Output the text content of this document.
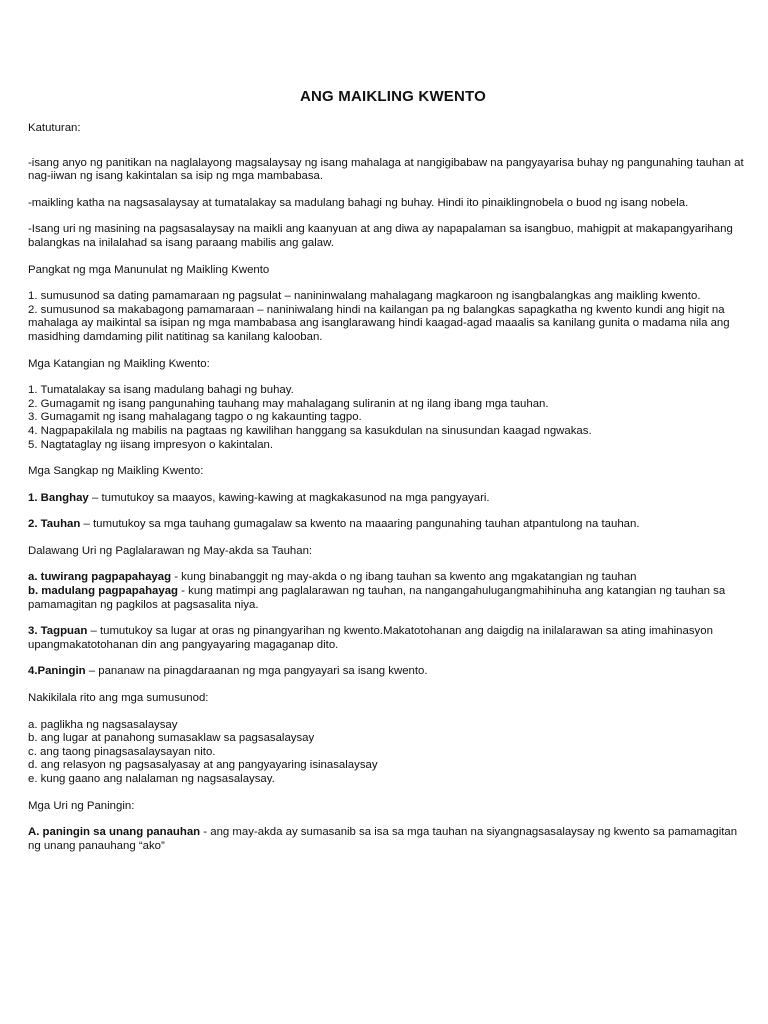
ANG MAIKLING KWENTO

Katuturan:

-isang anyo ng panitikan na naglalayong magsalaysay ng isang mahalaga at nangigibabaw na pangyayarisa buhay ng pangunahing tauhan at nag-iiwan ng isang kakintalan sa isip ng mga mambabasa.

-maikling katha na nagsasalaysay at tumatalakay sa madulang bahagi ng buhay. Hindi ito pinaiklingnobela o buod ng isang nobela.

-Isang uri ng masining na pagsasalaysay na maikli ang kaanyuan at ang diwa ay napapalaman sa isangbuo, mahigpit at makapangyarihang balangkas na inilalahad sa isang paraang mabilis ang galaw.

Pangkat ng mga Manunulat ng Maikling Kwento

1. sumusunod sa dating pamamaraan ng pagsulat – nanininwalang mahalagang magkaroon ng isangbalangkas ang maikling kwento.

2. sumusunod sa makabagong pamamaraan – naniniwalang hindi na kailangan pa ng balangkas sapagkatha ng kwento kundi ang higit na mahalaga ay maikintal sa isipan ng mga mambabasa ang isanglarawang hindi kaagad-agad maaalis sa kanilang gunita o madama nila ang masidhing damdaming pilit natitinag sa kanilang kalooban.

Mga Katangian ng Maikling Kwento:

1. Tumatalakay sa isang madulang bahagi ng buhay.

2. Gumagamit ng isang pangunahing tauhang may mahalagang suliranin at ng ilang ibang mga tauhan.

3. Gumagamit ng isang mahalagang tagpo o ng kakaunting tagpo.

4. Nagpapakilala ng mabilis na pagtaas ng kawilihan hanggang sa kasukdulan na sinusundan kaagad ngwakas.

5. Nagtataglay ng iisang impresyon o kakintalan.

Mga Sangkap ng Maikling Kwento:

1. Banghay – tumutukoy sa maayos, kawing-kawing at magkakasunod na mga pangyayari.

2. Tauhan – tumutukoy sa mga tauhang gumagalaw sa kwento na maaaring pangunahing tauhan atpantulong na tauhan.

Dalawang Uri ng Paglalarawan ng May-akda sa Tauhan:

a. tuwirang pagpapahayag - kung binabanggit ng may-akda o ng ibang tauhan sa kwento ang mgakatangian ng tauhan

b. madulang pagpapahayag - kung matimpi ang paglalarawan ng tauhan, na nangangahulugangmahihinuha ang katangian ng tauhan sa pamamagitan ng pagkilos at pagsasalita niya.

3. Tagpuan – tumutukoy sa lugar at oras ng pinangyarihan ng kwento.Makatotohanan ang daigdig na inilalarawan sa ating imahinasyon upangmakatotohanan din ang pangyayaring magaganap dito.

4.Paningin – pananaw na pinagdaraanan ng mga pangyayari sa isang kwento.

Nakikilala rito ang mga sumusunod:

a. paglikha ng nagsasalaysay

b. ang lugar at panahong sumasaklaw sa pagsasalaysay

c. ang taong pinagsasalaysayan nito.

d. ang relasyon ng pagsasalyasay at ang pangyayaring isinasalaysay

e. kung gaano ang nalalaman ng nagsasalaysay.

Mga Uri ng Paningin:

A. paningin sa unang panauhan - ang may-akda ay sumasanib sa isa sa mga tauhan na siyangnagsasalaysay ng kwento sa pamamagitan

ng unang panauhang “ako”
